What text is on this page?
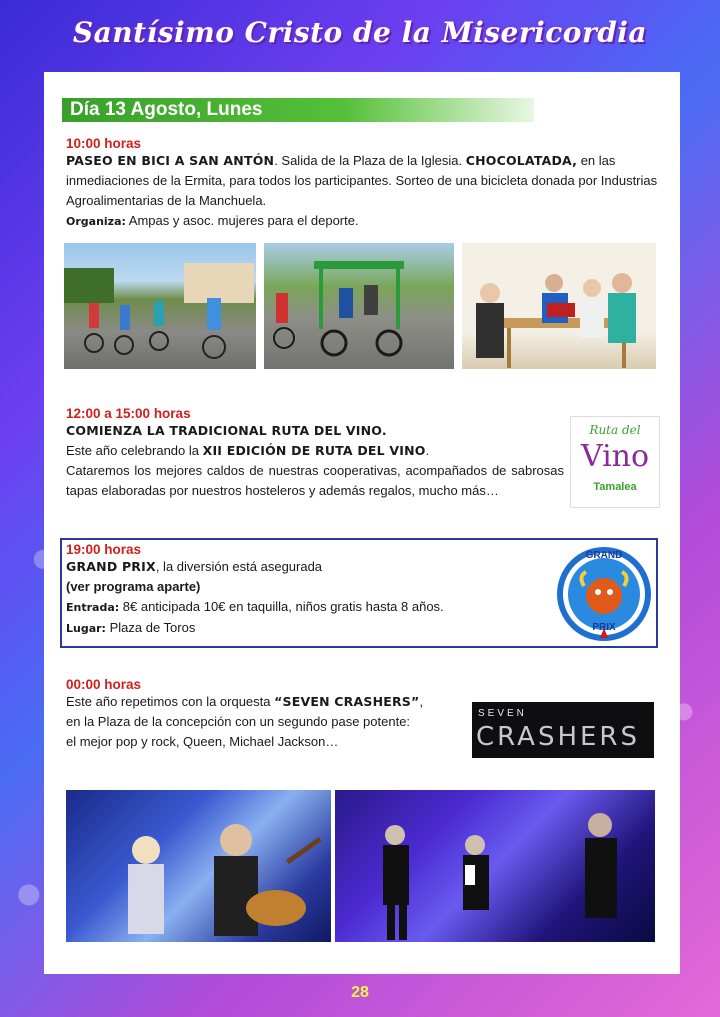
Santísimo Cristo de la Misericordia
Día 13 Agosto, Lunes
10:00 horas
PASEO EN BICI A SAN ANTÓN. Salida de la Plaza de la Iglesia. CHOCOLATADA, en las inmediaciones de la Ermita, para todos los participantes. Sorteo de una bicicleta donada por Industrias Agroalimentarias de la Manchuela.
Organiza: Ampas y asoc. mujeres para el deporte.
12:00 a 15:00 horas
COMIENZA LA TRADICIONAL RUTA DEL VINO.
Este año celebrando la XII EDICIÓN DE RUTA DEL VINO.
Cataremos los mejores caldos de nuestras cooperativas, acompañados de sabrosas tapas elaboradas por nuestros hosteleros y además regalos, mucho más…
Ruta del
Vino
Tamalea
19:00 horas
GRAND PRIX, la diversión está asegurada
(ver programa aparte)
Entrada: 8€ anticipada 10€ en taquilla, niños gratis hasta 8 años.
Lugar: Plaza de Toros
GRAND
PRIX
00:00 horas
Este año repetimos con la orquesta “SEVEN CRASHERS”,
en la Plaza de la concepción con un segundo pase potente:
el mejor pop y rock, Queen, Michael Jackson…
SEVEN
CRASHERS
28
